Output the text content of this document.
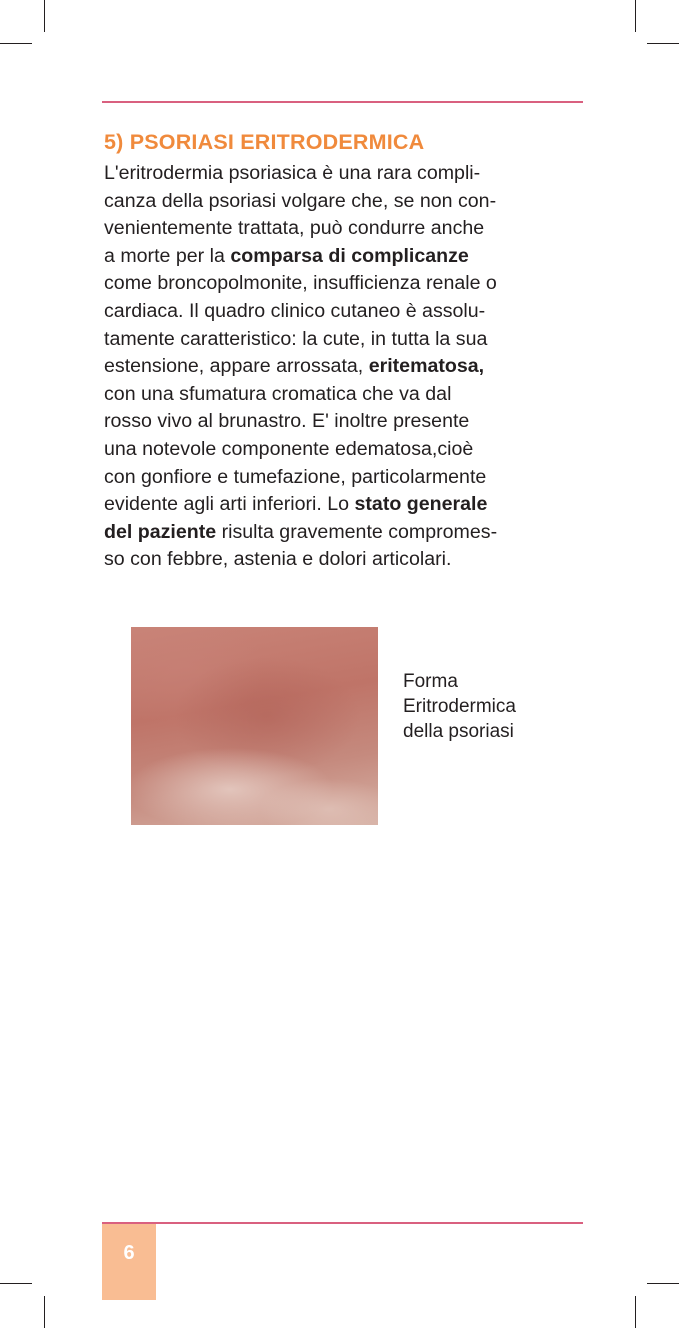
5) PSORIASI ERITRODERMICA

L'eritrodermia psoriasica è una rara compli-
canza della psoriasi volgare che, se non con-
venientemente trattata, può condurre anche
a morte per la comparsa di complicanze
come broncopolmonite, insufficienza renale o
cardiaca. Il quadro clinico cutaneo è assolu-
tamente caratteristico: la cute, in tutta la sua
estensione, appare arrossata, eritematosa,
con una sfumatura cromatica che va dal
rosso vivo al brunastro. E' inoltre presente
una notevole componente edematosa,cioè
con gonfiore e tumefazione, particolarmente
evidente agli arti inferiori. Lo stato generale
del paziente risulta gravemente compromes-
so con febbre, astenia e dolori articolari.

Forma
Eritrodermica
della psoriasi

6
